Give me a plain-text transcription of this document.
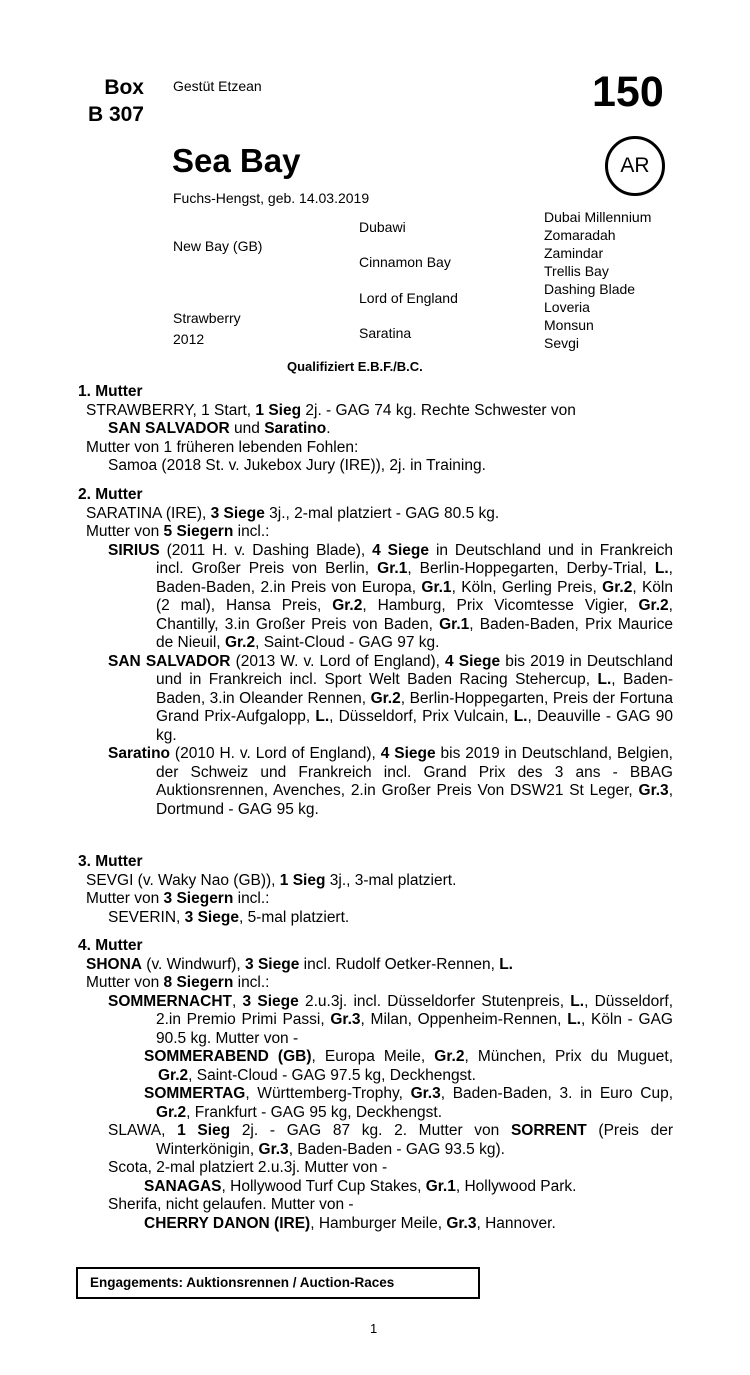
Box
B 307
Gestüt Etzean	150
Sea Bay	AR
Fuchs-Hengst, geb. 14.03.2019
New Bay (GB)
Strawberry
2012
Dubawi
Cinnamon Bay
Lord of England
Saratina
Dubai Millennium
Zomaradah
Zamindar
Trellis Bay
Dashing Blade
Loveria
Monsun
Sevgi
Qualifiziert E.B.F./B.C.
1. Mutter

STRAWBERRY, 1 Start, 1 Sieg 2j. - GAG 74 kg. Rechte Schwester von

SAN SALVADOR und Saratino.

Mutter von 1 früheren lebenden Fohlen:

Samoa (2018 St. v. Jukebox Jury (IRE)), 2j. in Training.

2. Mutter

SARATINA (IRE), 3 Siege 3j., 2-mal platziert - GAG 80.5 kg.

Mutter von 5 Siegern incl.:

SIRIUS (2011 H. v. Dashing Blade), 4 Siege in Deutschland und in Frankreich incl. Großer Preis von Berlin, Gr.1, Berlin-Hoppegarten, Derby-Trial, L., Baden-Baden, 2.in Preis von Europa, Gr.1, Köln, Gerling Preis, Gr.2, Köln (2 mal), Hansa Preis, Gr.2, Hamburg, Prix Vicomtesse Vigier, Gr.2, Chantilly, 3.in Großer Preis von Baden, Gr.1, Baden-Baden, Prix Maurice de Nieuil, Gr.2, Saint-Cloud - GAG 97 kg.

SAN SALVADOR (2013 W. v. Lord of England), 4 Siege bis 2019 in Deutschland und in Frankreich incl. Sport Welt Baden Racing Stehercup, L., Baden-Baden, 3.in Oleander Rennen, Gr.2, Berlin-Hoppegarten, Preis der Fortuna Grand Prix-Aufgalopp, L., Düsseldorf, Prix Vulcain, L., Deauville - GAG 90 kg.

Saratino (2010 H. v. Lord of England), 4 Siege bis 2019 in Deutschland, Belgien, der Schweiz und Frankreich incl. Grand Prix des 3 ans - BBAG Auktionsrennen, Avenches, 2.in Großer Preis Von DSW21 St Leger, Gr.3, Dortmund - GAG 95 kg.

3. Mutter

SEVGI (v. Waky Nao (GB)), 1 Sieg 3j., 3-mal platziert.

Mutter von 3 Siegern incl.:

SEVERIN, 3 Siege, 5-mal platziert.

4. Mutter

SHONA (v. Windwurf), 3 Siege incl. Rudolf Oetker-Rennen, L.

Mutter von 8 Siegern incl.:

SOMMERNACHT, 3 Siege 2.u.3j. incl. Düsseldorfer Stutenpreis, L., Düsseldorf, 2.in Premio Primi Passi, Gr.3, Milan, Oppenheim-Rennen, L., Köln - GAG 90.5 kg. Mutter von -

SOMMERABEND (GB), Europa Meile, Gr.2, München, Prix du Muguet, Gr.2, Saint-Cloud - GAG 97.5 kg, Deckhengst.

SOMMERTAG, Württemberg-Trophy, Gr.3, Baden-Baden, 3. in Euro Cup, Gr.2, Frankfurt - GAG 95 kg, Deckhengst.

SLAWA, 1 Sieg 2j. - GAG 87 kg. 2. Mutter von SORRENT (Preis der Winterkönigin, Gr.3, Baden-Baden - GAG 93.5 kg).

Scota, 2-mal platziert 2.u.3j. Mutter von -

SANAGAS, Hollywood Turf Cup Stakes, Gr.1, Hollywood Park.

Sherifa, nicht gelaufen. Mutter von -

CHERRY DANON (IRE), Hamburger Meile, Gr.3, Hannover.

Engagements: Auktionsrennen / Auction-Races
1
